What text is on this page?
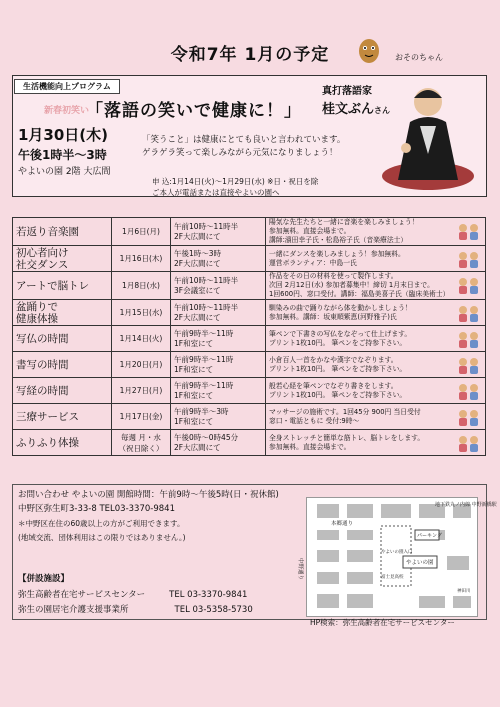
令和7年 1月の予定	おそのちゃん
生活機能向上プログラム
新春初笑い
「落語の笑いで健康に！」
真打落語家
桂文ぶんさん
1月30日(木)
午後1時半～3時
やよいの園 2階 大広間
「笑うこと」は健康にとても良いと言われています。
ゲラゲラ笑って楽しみながら元気になりましょう！
申 込:1月14日(火)～1月29日(水) ※日・祝日を除
ご本人が電話または直接やよいの園へ
若返り音楽園	1月6日(月)	午前10時～11時半
2F大広間にて	陽気な先生たちと一緒に音楽を楽しみましょう！
参加無料。直接会場まで。
講師:濱田幸子氏・松島裕子氏（音楽療法士）

初心者向け
社交ダンス	1月16日(木)	午後1時～3時
2F大広間にて	一緒にダンスを楽しみましょう！参加無料。
運営ボランティア：中島一氏

アートで脳トレ	1月8日(水)	午前10時～11時半
3F会議室にて	作品をその日の材料を使って製作します。
次回 2月12日(水) 参加者募集中！締切 1月末日まで。
1回600円、窓口受付。講師：福島美喜子氏（臨床美術士）

盆踊りで
健康体操	1月15日(水)	午前10時～11時半
2F大広間にて	馴染みの曲で踊りながら体を動かしましょう！
参加無料。講師：坂東順紫恵(河野雅子)氏

写仏の時間	1月14日(火)	午前9時半～11時
1F和室にて	筆ペンで下書きの写仏をなぞって仕上げます。
プリント1枚10円。 筆ペンをご持参下さい。

書写の時間	1月20日(月)	午前9時半～11時
1F和室にて	小倉百人一首をかなや漢字でなぞります。
プリント1枚10円。 筆ペンをご持参下さい。

写経の時間	1月27日(月)	午前9時半～11時
1F和室にて	般若心経を筆ペンでなぞり書きをします。
プリント1枚10円。 筆ペンをご持参下さい。

三療サービス	1月17日(金)	午前9時半～3時
1F和室にて	マッサージの施術です。1回45分 900円 当日受付
窓口・電話ともに 受付:9時～

ふりふり体操	毎週 月・水
（祝日除く）	午後0時～0時45分
2F大広間にて	全身ストレッチと簡単な筋トレ、脳トレをします。
参加無料。直接会場まで。
お問い合わせ やよいの園 開館時間：午前9時～午後5時(日・祝休館)
中野区弥生町3-33-8 TEL03-3370-9841
＊中野区在住の60歳以上の方がご利用できます。
(地域交流、団体利用はこの限りではありません。)
【併設施設】
弥生高齢者在宅サービスセンター	TEL 03-3370-9841
弥生の園居宅介護支援事業所	TEL 03-5358-5730
地下鉄丸ノ内線 中野新橋駅
本郷通り
中野通り
パーキング
やよいの園
やよいの園入口
富士見高校
神田川
HP検索：弥生高齢者在宅サービスセンター
